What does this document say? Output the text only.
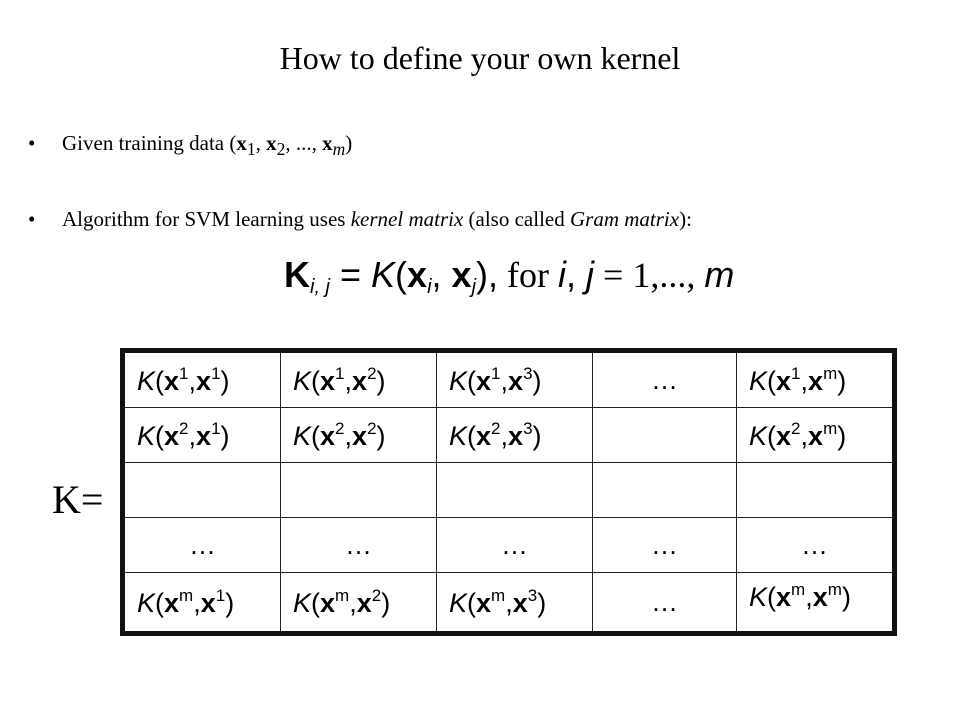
How to define your own kernel
• Given training data ($x_1$, $x_2$, ..., $x_m$)
• Algorithm for SVM learning uses kernel matrix (also called Gram matrix):
$K_{i, j} = K(x_i$, $x_j$), for i, j = 1,..., m
K=
$K(x^1,x^1)$	$K(x^1,x^2)$	$K(x^1,x^3)$	…	$K(x^1,x^m)$
$K(x^2,x^1)$	$K(x^2,x^2)$	$K(x^2,x^3)$		$K(x^2,x^m)$

…	…	…	…	…
$K(x^m,x^1)$	$K(x^m,x^2)$	$K(x^m,x^3)$	…	$K(x^m,x^m)$
